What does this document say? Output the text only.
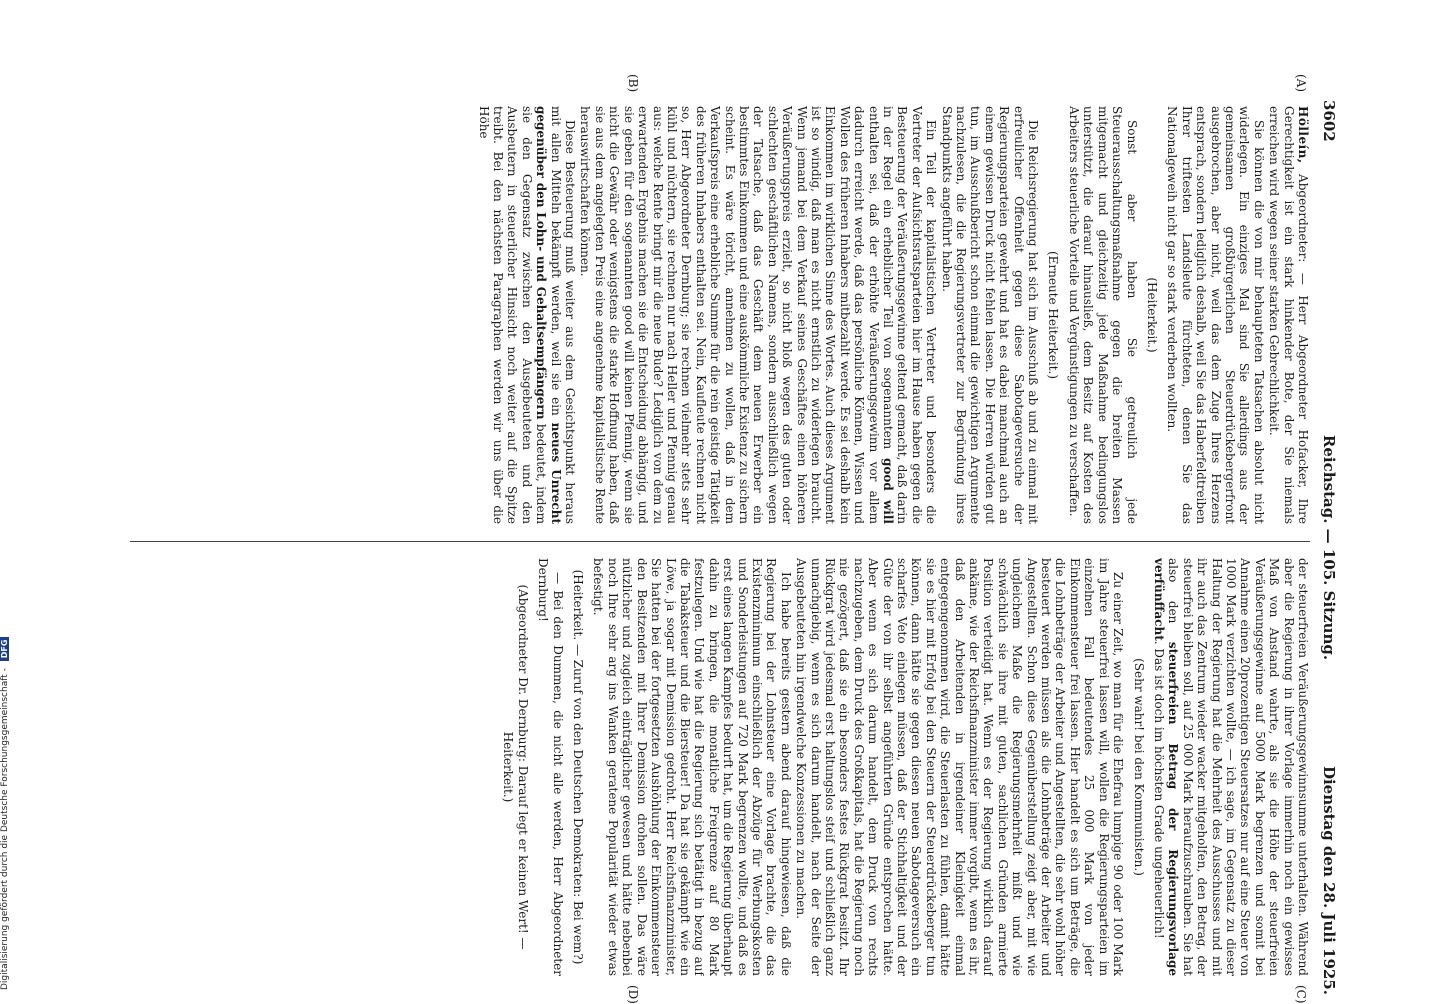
3602
Reichstag. — 105. Sitzung.
Dienstag den 28. Juli 1925.
(A)
(B)
(C)
(D)

Hölleín, Abgeordneter: — Herr Abgeordneter Hofacker, Ihre Gerechtigkeit ist ein stark hinkender Bote, der Sie niemals erreichen wird wegen seiner starken Gebrechlichkeit.

Sie können die von mir behaupteten Tatsachen absolut nicht widerlegen. Ein einziges Mal sind Sie allerdings aus der gemeinsamen großbürgerlichen Steuerdrückebergerfront ausgebrochen, aber nicht, weil das dem Zuge Ihres Herzens entsprach, sondern lediglich deshalb, weil Sie das Haberfeldtreiben Ihrer triftesten Landsleute fürchteten, denen Sie das Nationalgeweih nicht gar so stark verderben wollten.

(Heiterkeit.)

Sonst aber haben Sie getreulich jede Steuerausschaltungsmaßnahme gegen die breiten Massen mitgemacht und gleichzeitig jede Maßnahme bedingungslos unterstützt, die darauf hinausließ, dem Besitz auf Kosten des Arbeiters steuerliche Vorteile und Vergünstigungen zu verschaffen.

(Erneute Heiterkeit.)

Die Reichsregierung hat sich im Ausschuß ab und zu einmal mit erfreulicher Offenheit gegen diese Sabotageversuche der Regierungsparteien gewehrt und hat es dabei manchmal auch an einem gewissen Druck nicht fehlen lassen. Die Herren würden gut tun, im Ausschußbericht schon einmal die gewichtigen Argumente nachzulesen, die die Regierungsvertreter zur Begründung ihres Standpunkts angeführt haben.

Ein Teil der kapitalistischen Vertreter und besonders die Vertreter der Aufsichtsratsparteien hier im Hause haben gegen die Besteuerung der Veräußerungsgewinne geltend gemacht, daß darin in der Regel ein erheblicher Teil von sogenanntem good will enthalten sei, daß der erhöhte Veräußerungsgewinn vor allem dadurch erreicht werde, daß das persönliche Können, Wissen und Wollen des früheren Inhabers mitbezahlt werde. Es sei deshalb kein Einkommen im wirklichen Sinne des Wortes. Auch dieses Argument ist so windig, daß man es nicht ernstlich zu widerlegen braucht. Wenn jemand bei dem Verkauf seines Geschäftes einen höheren Veräußerungspreis erzielt, so nicht bloß wegen des guten oder schlechten geschäftlichen Namens, sondern ausschließlich wegen der Tatsache, daß das Geschäft dem neuen Erwerber ein bestimmtes Einkommen und eine auskömmliche Existenz zu sichern scheint. Es wäre töricht, annehmen zu wollen, daß in dem Verkaufspreis eine erhebliche Summe für die rein geistige Tätigkeit des früheren Inhabers enthalten sei. Nein, Kaufleute rechnen nicht so, Herr Abgeordneter Dernburg; sie rechnen vielmehr stets sehr kühl und nüchtern, sie rechnen nur nach Heller und Pfennig genau aus: welche Rente bringt mir die neue Bude? Lediglich von dem zu erwartenden Ergebnis machen sie die Entscheidung abhängig, und sie geben für den sogenannten good will keinen Pfennig, wenn sie nicht die Gewähr oder wenigstens die starke Hoffnung haben, daß sie aus dem angelegten Preis eine angenehme kapitalistische Rente herauswirtschaften können.

Diese Besteuerung muß weiter aus dem Gesichtspunkt heraus mit allen Mitteln bekämpft werden, weil sie ein neues Unrecht gegenüber den Lohn- und Gehaltsempfängern bedeutet, indem sie den Gegensatz zwischen den Ausgebeuteten und den Ausbeutern in steuerlicher Hinsicht noch weiter auf die Spitze treibt. Bei den nächsten Paragraphen werden wir uns über die Höhe

der steuerfreien Veräußerungsgewinnsumme unterhalten. Während aber die Regierung in ihrer Vorlage immerhin noch ein gewisses Maß von Anstand wahrte, als sie die Höhe der steuerfreien Veräußerungsgewinne auf 5000 Mark begrenzen und somit bei Annahme einen 20prozentigen Steuersatzes nur auf eine Steuer von 1000 Mark verzichten wollte, — ich sage, im Gegensatz zu dieser Haltung der Regierung hat die Mehrheit des Ausschusses und mit ihr auch das Zentrum wieder wacker mitgeholfen, den Betrag, der steuerfrei bleiben soll, auf 25 000 Mark heraufzuschrauben. Sie hat also den steuerfreien Betrag der Regierungsvorlage verfünffacht. Das ist doch im höchsten Grade ungeheuerlich!

(Sehr wahr! bei den Kommunisten.)

Zu einer Zeit, wo man für die Ehefrau lumpige 90 oder 100 Mark im Jahre steuerfrei lassen will, wollen die Regierungsparteien im einzelnen Fall bedeutendes 25 000 Mark von jeder Einkommensteuer frei lassen. Hier handelt es sich um Beträge, die die Lohnbeträge der Arbeiter und Angestellten, die sehr wohl höher besteuert werden müssen als die Lohnbeträge der Arbeiter und Angestellten. Schon diese Gegenüberstellung zeigt aber, mit wie ungleichem Maße die Regierungsmehrheit mißt und wie schwächlich sie ihre mit guten, sachlichen Gründen armierte Position verteidigt hat. Wenn es der Regierung wirklich darauf ankäme, wie der Reichsfinanzminister immer vorgibt, wenn es ihr, daß den Arbeitenden in irgendeiner Kleinigkeit einmal entgegengenommen wird, die Steuerlasten zu fühlen, damit hätte sie es hier mit Erfolg bei den Steuern der Steuerdrückeberger tun können, dann hätte sie gegen diesen neuen Sabotageversuch ein scharfes Veto einlegen müssen, daß der Stichhaltigkeit und der Güte der von ihr selbst angeführten Gründe entsprochen hätte. Aber wenn es sich darum handelt, dem Druck von rechts nachzugeben, dem Druck des Großkapitals, hat die Regierung noch nie gezögert, daß sie ein besonders festes Rückgrat besitzt. Ihr Rückgrat wird jedesmal erst haltungslos steif und schließlich ganz unnachgiebig, wenn es sich darum handelt, nach der Seite der Ausgebeuteten hin irgendwelche Konzessionen zu machen.

Ich habe bereits gestern abend darauf hingewiesen, daß die Regierung bei der Lohnsteuer eine Vorlage brachte, die das Existenzminimum einschließlich der Abzüge für Werbungskosten und Sonderleistungen auf 720 Mark begrenzen wollte, und daß es erst eines langen Kampfes bedurft hat, um die Regierung überhaupt dahin zu bringen, die monatliche Freigrenze auf 80 Mark festzulegen. Und wie hat die Regierung sich betätigt in bezug auf die Tabaksteuer und die Biersteuer! Da hat sie gekämpft wie ein Löwe, ja sogar mit Demission gedroht. Herr Reichsfinanzminister, Sie hatten bei der fortgesetzten Aushöhlung der Einkommensteuer den Besitzenden mit Ihrer Demission drohen sollen. Das wäre nützlicher und zugleich einträglicher gewesen und hätte nebenbei noch Ihre sehr arg ins Wanken geratene Popularität wieder etwas befestigt.

(Heiterkeit. — Zuruf von den Deutschen Demokraten: Bei wem?)

— Bei den Dummen, die nicht alle werden, Herr Abgeordneter Dernburg!

(Abgeordneter Dr. Dernburg: Darauf legt er keinen Wert! — Heiterkeit.)

Digitalisierung gefördert durch die Deutsche Forschungsgemeinschaft - DFG
